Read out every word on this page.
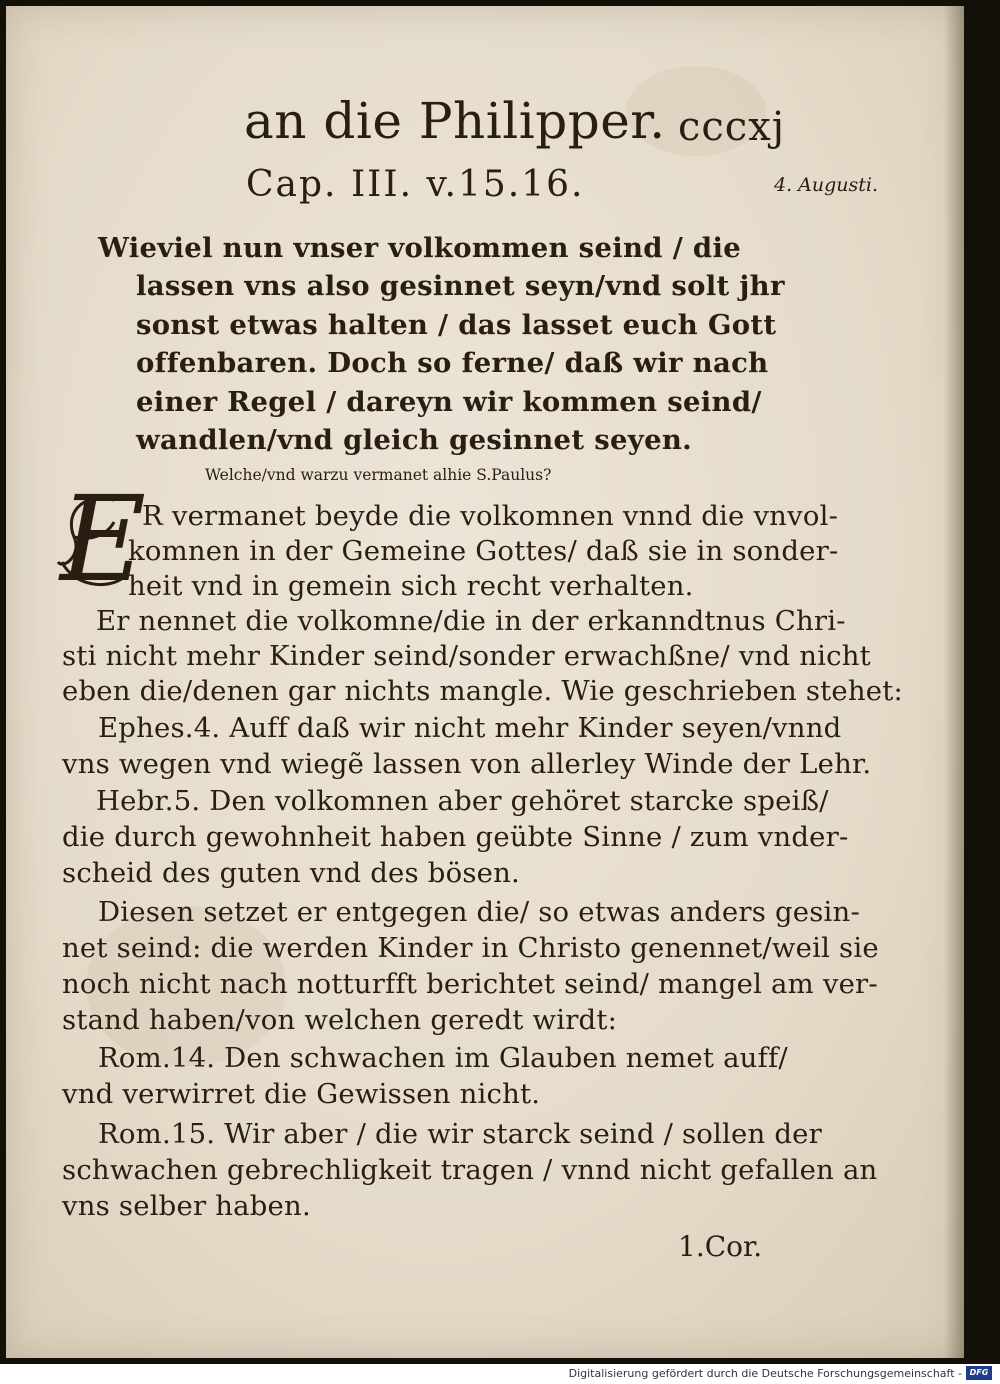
an die Philipper. cccxj

Cap. III. v.15.16.	4. Augusti.

Wieviel nun vnser volkommen seind / die

lassen vns also gesinnet seyn/vnd solt jhr

sonst etwas halten / das lasset euch Gott

offenbaren. Doch so ferne/ daß wir nach

einer Regel / dareyn wir kommen seind/

wandlen/vnd gleich gesinnet seyen.

Welche/vnd warzu vermanet alhie S.Paulus?

E

R vermanet beyde die volkomnen vnnd die vnvol-

komnen in der Gemeine Gottes/ daß sie in sonder-

heit vnd in gemein sich recht verhalten.

Er nennet die volkomne/die in der erkanndtnus Chri-

sti nicht mehr Kinder seind/sonder erwachßne/ vnd nicht

eben die/denen gar nichts mangle. Wie geschrieben stehet:

Ephes.4. Auff daß wir nicht mehr Kinder seyen/vnnd

vns wegen vnd wiegẽ lassen von allerley Winde der Lehr.

Hebr.5. Den volkomnen aber gehöret starcke speiß/

die durch gewohnheit haben geübte Sinne / zum vnder-

scheid des guten vnd des bösen.

Diesen setzet er entgegen die/ so etwas anders gesin-

net seind: die werden Kinder in Christo genennet/weil sie

noch nicht nach notturfft berichtet seind/ mangel am ver-

stand haben/von welchen geredt wirdt:

Rom.14. Den schwachen im Glauben nemet auff/

vnd verwirret die Gewissen nicht.

Rom.15. Wir aber / die wir starck seind / sollen der

schwachen gebrechligkeit tragen / vnnd nicht gefallen an

vns selber haben.

1.Cor.

Digitalisierung gefördert durch die Deutsche Forschungsgemeinschaft - DFG
